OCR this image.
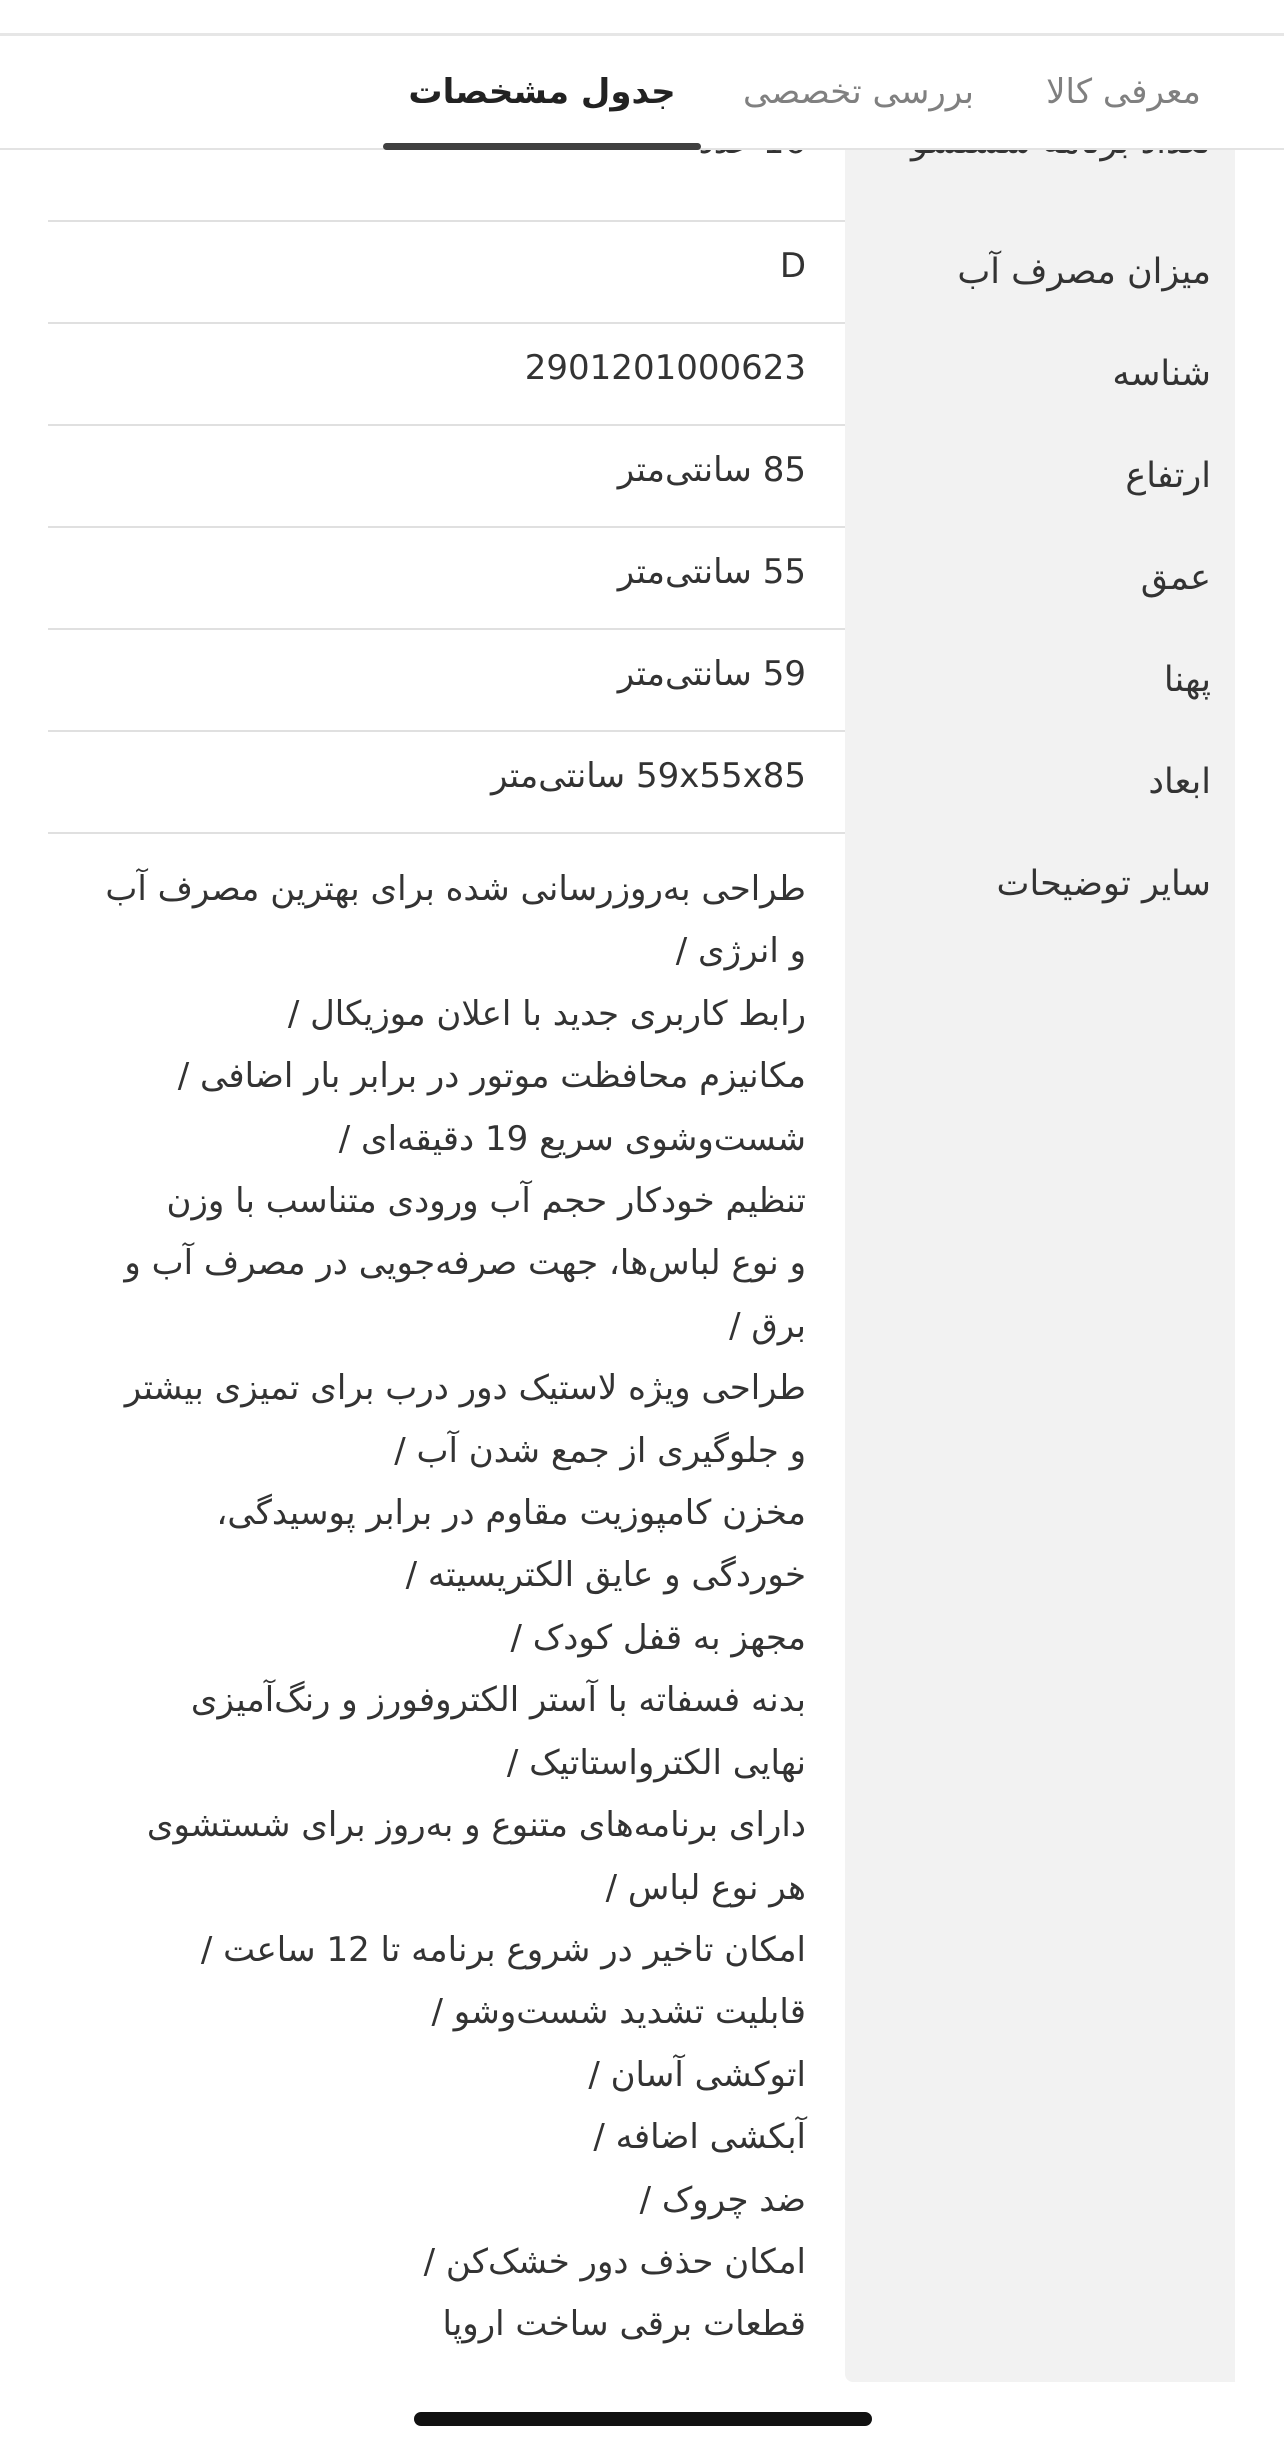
معرفی کالا
بررسی تخصصی
جدول مشخصات
میزان مصرف آب
D
شناسه
2901201000623
ارتفاع
85 سانتی‌متر
عمق
55 سانتی‌متر
پهنا
59 سانتی‌متر
ابعاد
59x55x85 سانتی‌متر
سایر توضیحات
طراحی به‌روزرسانی شده برای بهترین مصرف آب
و انرژی /
رابط کاربری جدید با اعلان موزیکال /
مکانیزم محافظت موتور در برابر بار اضافی /
شست‌وشوی سریع 19 دقیقه‌ای /
تنظیم خودکار حجم آب ورودی متناسب با وزن
و نوع لباس‌ها، جهت صرفه‌جویی در مصرف آب و
برق /
طراحی ویژه لاستیک دور درب برای تمیزی بیشتر
و جلوگیری از جمع شدن آب /
مخزن کامپوزیت مقاوم در برابر پوسیدگی،
خوردگی و عایق الکتریسیته /
مجهز به قفل کودک /
بدنه فسفاته با آستر الکتروفورز و رنگ‌آمیزی
نهایی الکترواستاتیک /
دارای برنامه‌های متنوع و به‌روز برای شستشوی
هر نوع لباس /
امکان تاخیر در شروع برنامه تا 12 ساعت /
قابلیت تشدید شست‌وشو /
اتوکشی آسان /
آبکشی اضافه /
ضد چروک /
امکان حذف دور خشک‌کن /
قطعات برقی ساخت اروپا
